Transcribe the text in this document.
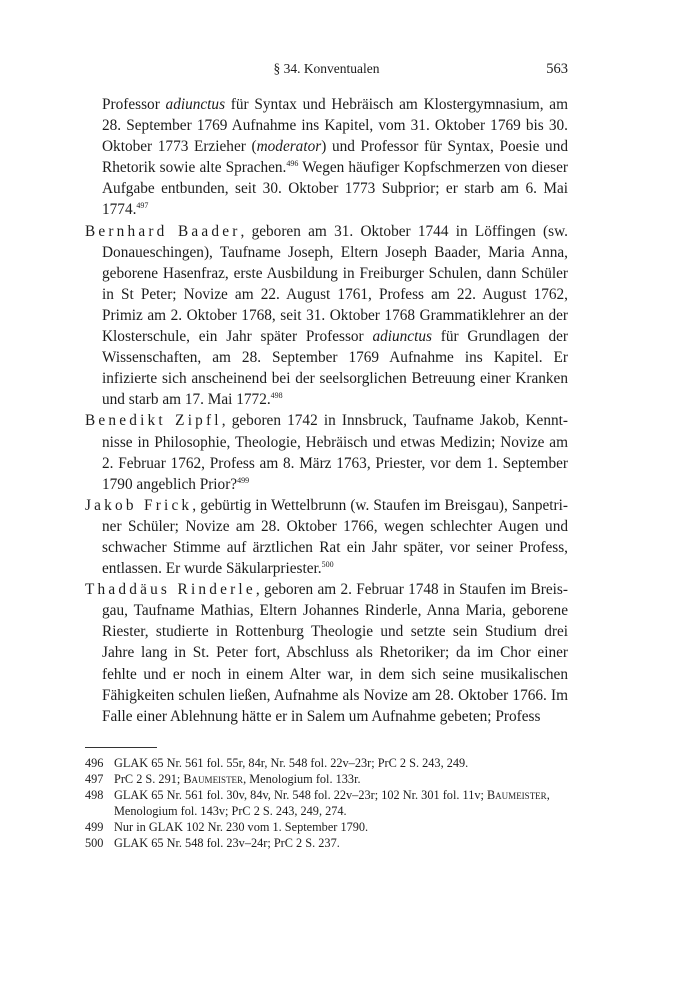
§ 34. Konventualen	563

Professor adiunctus für Syntax und Hebräisch am Klostergymnasium, am 28. September 1769 Aufnahme ins Kapitel, vom 31. Oktober 1769 bis 30. Oktober 1773 Erzieher (moderator) und Professor für Syntax, Poesie und Rhetorik sowie alte Sprachen.$^{496}$ Wegen häufiger Kopfschmerzen von dieser Aufgabe entbunden, seit 30. Oktober 1773 Subprior; er starb am 6. Mai 1774.$^{497}$

Bernhard Baader, geboren am 31. Oktober 1744 in Löffingen (sw. Donaueschingen), Taufname Joseph, Eltern Joseph Baader, Maria Anna, geborene Hasenfraz, erste Ausbildung in Freiburger Schulen, dann Schüler in St Peter; Novize am 22. August 1761, Profess am 22. August 1762, Primiz am 2. Oktober 1768, seit 31. Oktober 1768 Grammatiklehrer an der Klosterschule, ein Jahr später Professor adiunctus für Grundlagen der Wissenschaften, am 28. September 1769 Aufnahme ins Kapitel. Er infizierte sich anscheinend bei der seelsorglichen Betreuung einer Kranken und starb am 17. Mai 1772.$^{498}$

Benedikt Zipfl, geboren 1742 in Innsbruck, Taufname Jakob, Kenntnisse in Philosophie, Theologie, Hebräisch und etwas Medizin; Novize am 2. Februar 1762, Profess am 8. März 1763, Priester, vor dem 1. September 1790 angeblich Prior?$^{499}$

Jakob Frick, gebürtig in Wettelbrunn (w. Staufen im Breisgau), Sanpetriner Schüler; Novize am 28. Oktober 1766, wegen schlechter Augen und schwacher Stimme auf ärztlichen Rat ein Jahr später, vor seiner Profess, entlassen. Er wurde Säkularpriester.$^{500}$

Thaddäus Rinderle, geboren am 2. Februar 1748 in Staufen im Breisgau, Taufname Mathias, Eltern Johannes Rinderle, Anna Maria, geborene Riester, studierte in Rottenburg Theologie und setzte sein Studium drei Jahre lang in St. Peter fort, Abschluss als Rhetoriker; da im Chor einer fehlte und er noch in einem Alter war, in dem sich seine musikalischen Fähigkeiten schulen ließen, Aufnahme als Novize am 28. Oktober 1766. Im Falle einer Ablehnung hätte er in Salem um Aufnahme gebeten; Profess

496 GLAK 65 Nr. 561 fol. 55r, 84r, Nr. 548 fol. 22v–23r; PrC 2 S. 243, 249.
497 PrC 2 S. 291; Baumeister, Menologium fol. 133r.
498 GLAK 65 Nr. 561 fol. 30v, 84v, Nr. 548 fol. 22v–23r; 102 Nr. 301 fol. 11v; Baumeister, Menologium fol. 143v; PrC 2 S. 243, 249, 274.
499 Nur in GLAK 102 Nr. 230 vom 1. September 1790.
500 GLAK 65 Nr. 548 fol. 23v–24r; PrC 2 S. 237.
